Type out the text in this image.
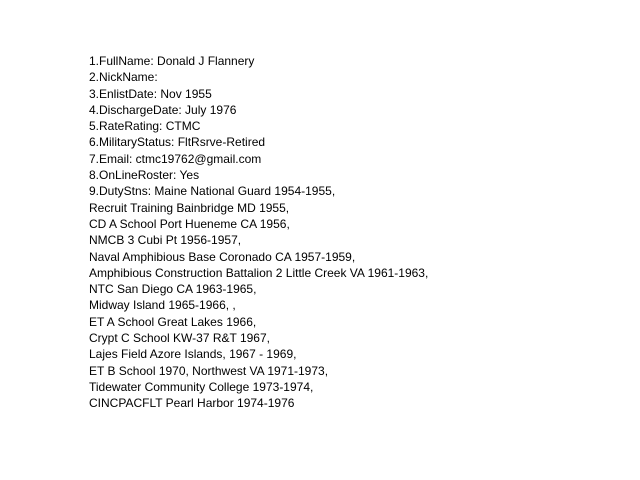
1.FullName: Donald J Flannery
2.NickName:
3.EnlistDate: Nov 1955
4.DischargeDate: July 1976
5.RateRating: CTMC
6.MilitaryStatus: FltRsrve-Retired
7.Email: ctmc19762@gmail.com
8.OnLineRoster: Yes
9.DutyStns: Maine National Guard 1954-1955,
Recruit Training Bainbridge MD 1955,
CD A School Port Hueneme CA 1956,
NMCB 3 Cubi Pt 1956-1957,
Naval Amphibious Base Coronado CA 1957-1959,
Amphibious Construction Battalion 2 Little Creek VA 1961-1963,
NTC San Diego CA 1963-1965,
Midway Island 1965-1966, ,
ET A School Great Lakes 1966,
Crypt C School KW-37 R&T 1967,
Lajes Field Azore Islands, 1967 - 1969,
ET B School 1970, Northwest VA 1971-1973,
Tidewater Community College 1973-1974,
CINCPACFLT Pearl Harbor 1974-1976
